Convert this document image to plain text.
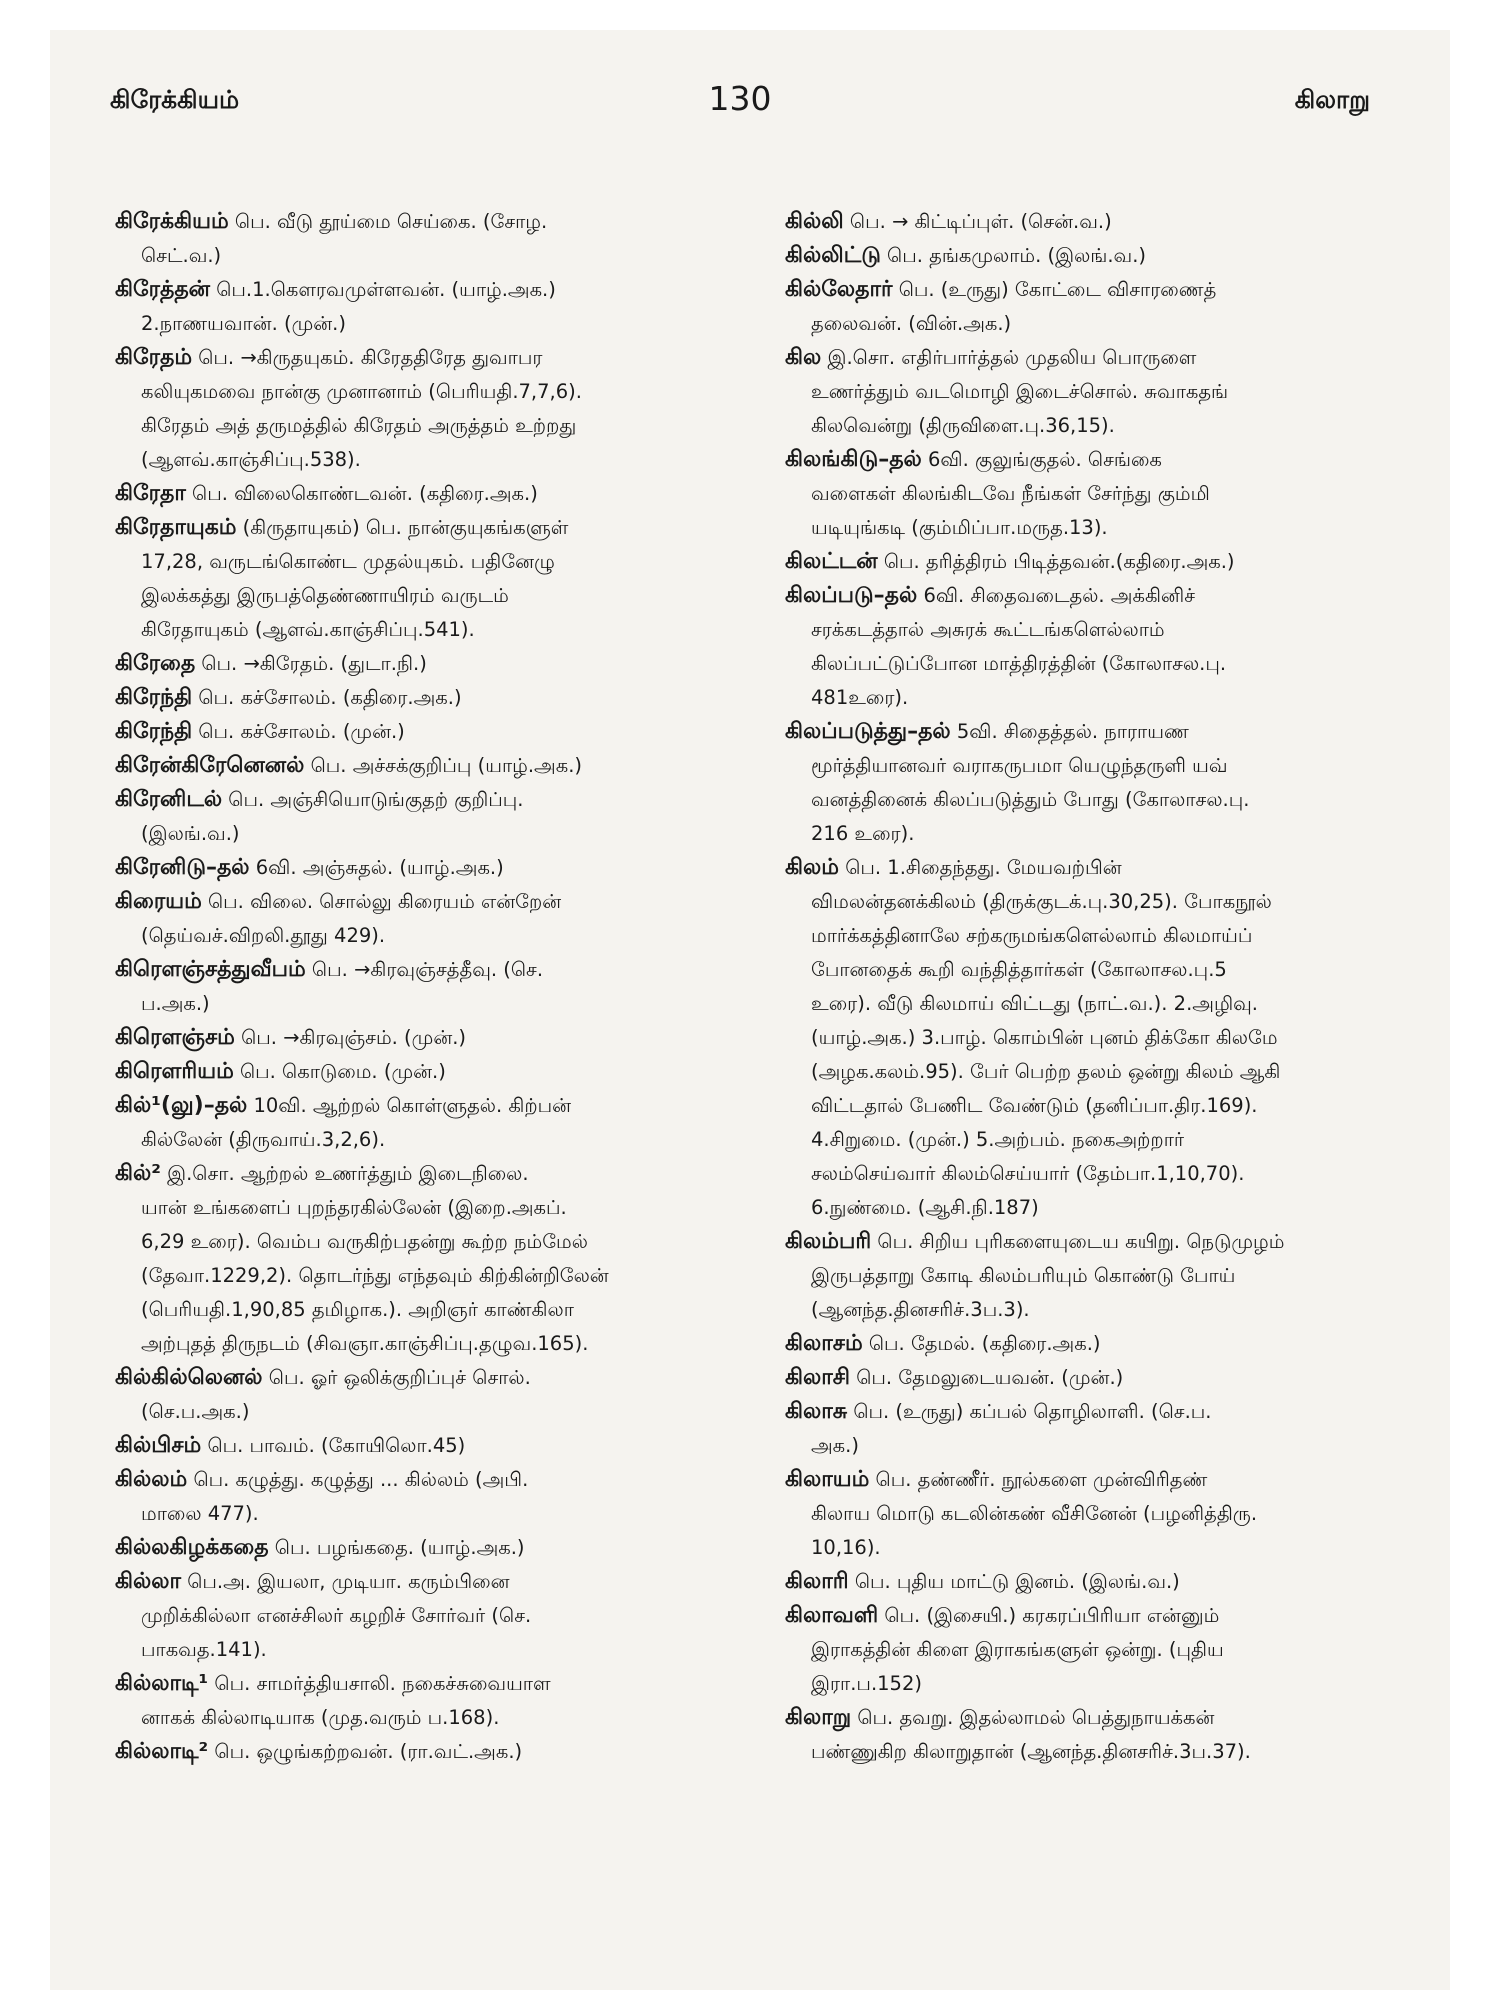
கிரேக்கியம்	130	கிலாறு
கிரேக்கியம் பெ. வீடு தூய்மை செய்கை. (சோழ.
செட்.வ.)
கிரேத்தன் பெ.1.கௌரவமுள்ளவன். (யாழ்.அக.)
2.நாணயவான். (முன்.)
கிரேதம் பெ. →கிருதயுகம். கிரேததிரேத துவாபர
கலியுகமவை நான்கு முனானாம் (பெரியதி.7,7,6).
கிரேதம் அத் தருமத்தில் கிரேதம் அருத்தம் உற்றது
(ஆளவ்.காஞ்சிப்பு.538).
கிரேதா பெ. விலைகொண்டவன். (கதிரை.அக.)
கிரேதாயுகம் (கிருதாயுகம்) பெ. நான்குயுகங்களுள்
17,28, வருடங்கொண்ட முதல்யுகம். பதினேழு
இலக்கத்து இருபத்தெண்ணாயிரம் வருடம்
கிரேதாயுகம் (ஆளவ்.காஞ்சிப்பு.541).
கிரேதை பெ. →கிரேதம். (துடா.நி.)
கிரேந்தி பெ. கச்சோலம். (கதிரை.அக.)
கிரேந்தி பெ. கச்சோலம். (முன்.)
கிரேன்கிரேனெனல் பெ. அச்சக்குறிப்பு (யாழ்.அக.)
கிரேனிடல் பெ. அஞ்சியொடுங்குதற் குறிப்பு.
(இலங்.வ.)
கிரேனிடு–தல் 6வி. அஞ்சுதல். (யாழ்.அக.)
கிரையம் பெ. விலை. சொல்லு கிரையம் என்றேன்
(தெய்வச்.விறலி.தூது 429).
கிரௌஞ்சத்துவீபம் பெ. →கிரவுஞ்சத்தீவு. (செ.
ப.அக.)
கிரௌஞ்சம் பெ. →கிரவுஞ்சம். (முன்.)
கிரௌரியம் பெ. கொடுமை. (முன்.)
கில்¹(லு)–தல் 10வி. ஆற்றல் கொள்ளுதல். கிற்பன்
கில்லேன் (திருவாய்.3,2,6).
கில்² இ.சொ. ஆற்றல் உணர்த்தும் இடைநிலை.
யான் உங்களைப் புறந்தரகில்லேன் (இறை.அகப்.
6,29 உரை). வெம்ப வருகிற்பதன்று கூற்ற நம்மேல்
(தேவா.1229,2). தொடர்ந்து எந்தவும் கிற்கின்றிலேன்
(பெரியதி.1,90,85 தமிழாக.). அறிஞர் காண்கிலா
அற்புதத் திருநடம் (சிவஞா.காஞ்சிப்பு.தழுவ.165).
கில்கில்லெனல் பெ. ஓர் ஒலிக்குறிப்புச் சொல்.
(செ.ப.அக.)
கில்பிசம் பெ. பாவம். (கோயிலொ.45)
கில்லம் பெ. கழுத்து. கழுத்து ... கில்லம் (அபி.
மாலை 477).
கில்லகிழக்கதை பெ. பழங்கதை. (யாழ்.அக.)
கில்லா பெ.அ. இயலா, முடியா. கரும்பினை
முறிக்கில்லா எனச்சிலர் கழறிச் சோர்வர் (செ.
பாகவத.141).
கில்லாடி¹ பெ. சாமர்த்தியசாலி. நகைச்சுவையாள
னாகக் கில்லாடியாக (முத.வரும் ப.168).
கில்லாடி² பெ. ஒழுங்கற்றவன். (ரா.வட்.அக.)
கில்லி பெ. → கிட்டிப்புள். (சென்.வ.)
கில்லிட்டு பெ. தங்கமுலாம். (இலங்.வ.)
கில்லேதார் பெ. (உருது) கோட்டை விசாரணைத்
தலைவன். (வின்.அக.)
கில இ.சொ. எதிர்பார்த்தல் முதலிய பொருளை
உணர்த்தும் வடமொழி இடைச்சொல். சுவாகதங்
கிலவென்று (திருவிளை.பு.36,15).
கிலங்கிடு–தல் 6வி. குலுங்குதல். செங்கை
வளைகள் கிலங்கிடவே நீங்கள் சேர்ந்து கும்மி
யடியுங்கடி (கும்மிப்பா.மருத.13).
கிலட்டன் பெ. தரித்திரம் பிடித்தவன்.(கதிரை.அக.)
கிலப்படு–தல் 6வி. சிதைவடைதல். அக்கினிச்
சரக்கடத்தால் அசுரக் கூட்டங்களெல்லாம்
கிலப்பட்டுப்போன மாத்திரத்தின் (கோலாசல.பு.
481உரை).
கிலப்படுத்து–தல் 5வி. சிதைத்தல். நாராயண
மூர்த்தியானவர் வராகருபமா யெழுந்தருளி யவ்
வனத்தினைக் கிலப்படுத்தும் போது (கோலாசல.பு.
216 உரை).
கிலம் பெ. 1.சிதைந்தது. மேயவற்பின்
விமலன்தனக்கிலம் (திருக்குடக்.பு.30,25). போகநூல்
மார்க்கத்தினாலே சற்கருமங்களெல்லாம் கிலமாய்ப்
போனதைக் கூறி வந்தித்தார்கள் (கோலாசல.பு.5
உரை). வீடு கிலமாய் விட்டது (நாட்.வ.). 2.அழிவு.
(யாழ்.அக.) 3.பாழ். கொம்பின் புனம் திக்கோ கிலமே
(அழக.கலம்.95). பேர் பெற்ற தலம் ஒன்று கிலம் ஆகி
விட்டதால் பேணிட வேண்டும் (தனிப்பா.திர.169).
4.சிறுமை. (முன்.) 5.அற்பம். நகைஅற்றார்
சலம்செய்வார் கிலம்செய்யார் (தேம்பா.1,10,70).
6.நுண்மை. (ஆசி.நி.187)
கிலம்பரி பெ. சிறிய புரிகளையுடைய கயிறு. நெடுமுழம்
இருபத்தாறு கோடி கிலம்பரியும் கொண்டு போய்
(ஆனந்த.தினசரிச்.3ப.3).
கிலாசம் பெ. தேமல். (கதிரை.அக.)
கிலாசி பெ. தேமலுடையவன். (முன்.)
கிலாசு பெ. (உருது) கப்பல் தொழிலாளி. (செ.ப.
அக.)
கிலாயம் பெ. தண்ணீர். நூல்களை முன்விரிதண்
கிலாய மொடு கடலின்கண் வீசினேன் (பழனித்திரு.
10,16).
கிலாரி பெ. புதிய மாட்டு இனம். (இலங்.வ.)
கிலாவளி பெ. (இசையி.) கரகரப்பிரியா என்னும்
இராகத்தின் கிளை இராகங்களுள் ஒன்று. (புதிய
இரா.ப.152)
கிலாறு பெ. தவறு. இதல்லாமல் பெத்துநாயக்கன்
பண்ணுகிற கிலாறுதான் (ஆனந்த.தினசரிச்.3ப.37).
